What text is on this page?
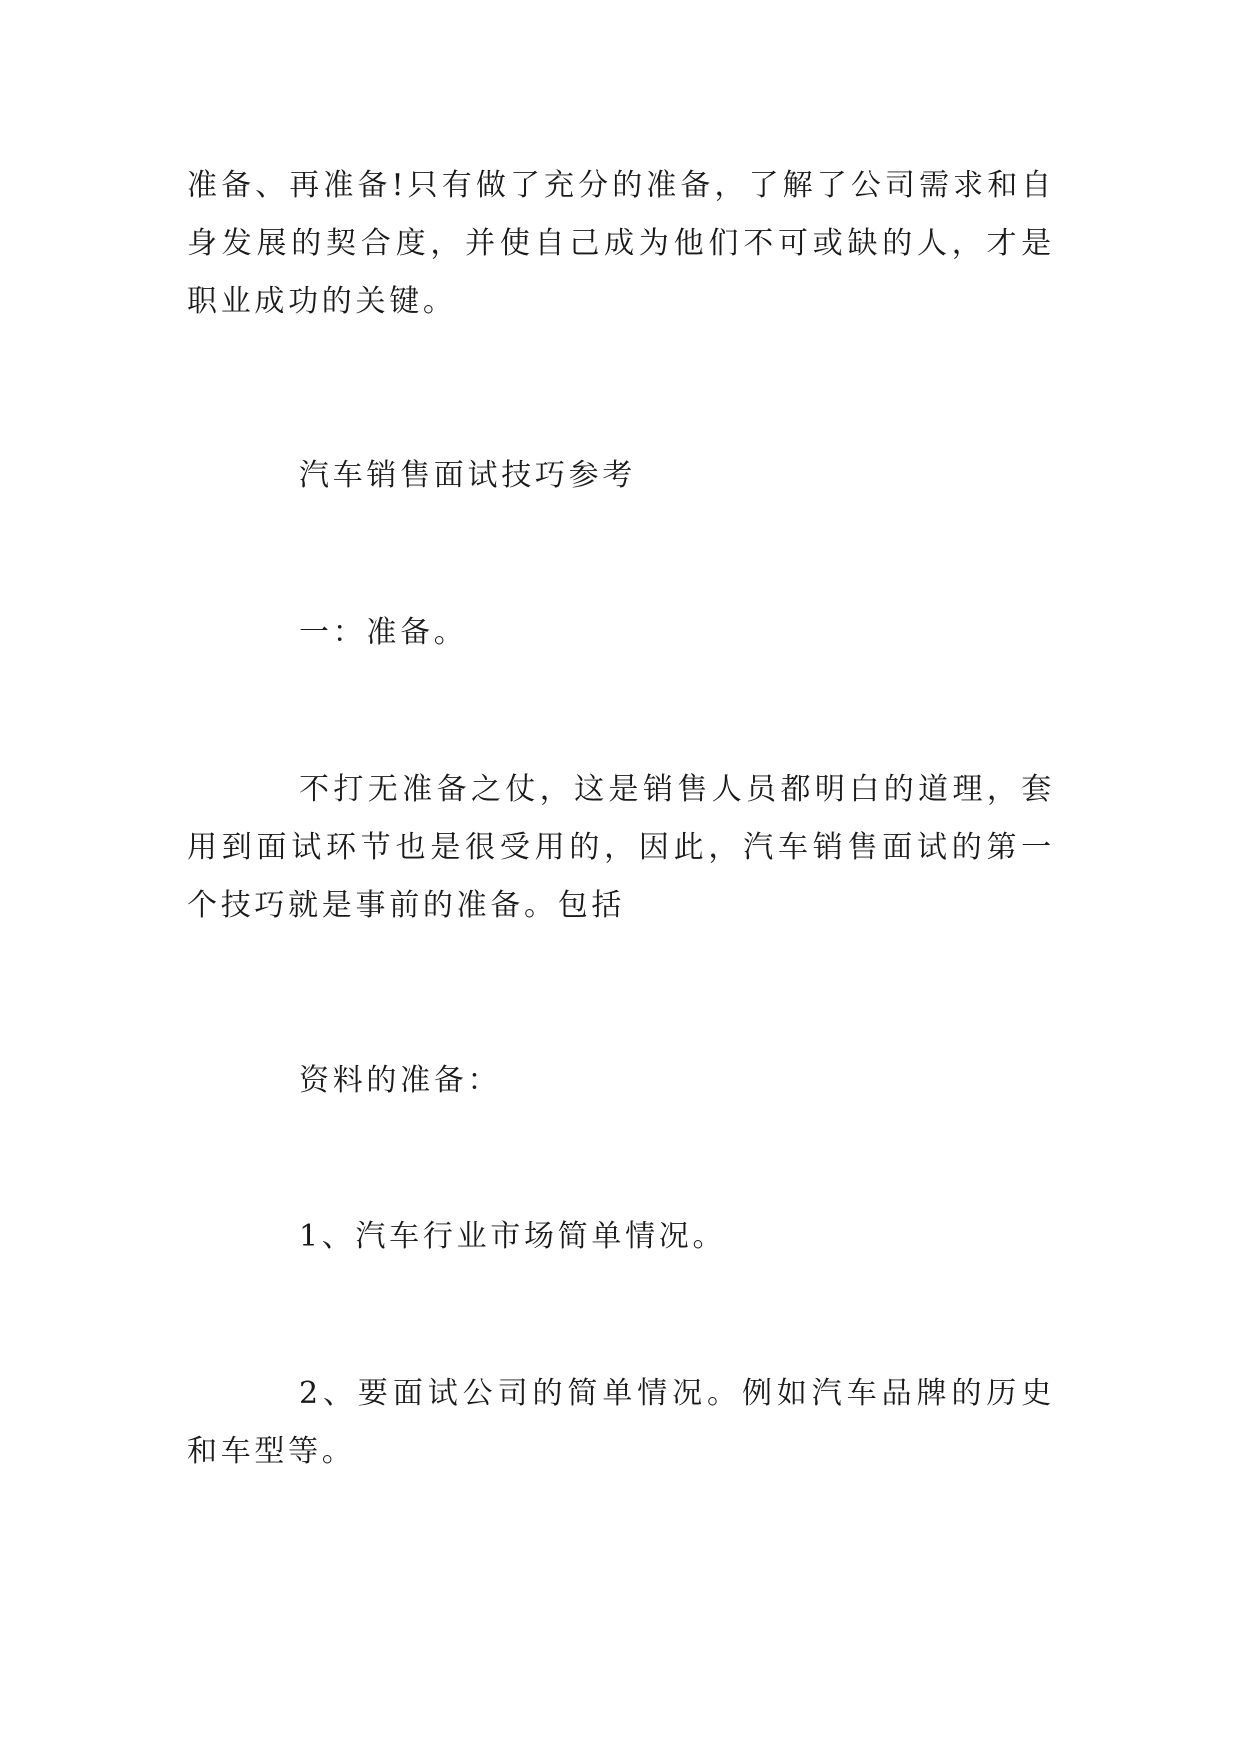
准备、再准备!只有做了充分的准备，了解了公司需求和自身发展的契合度，并使自己成为他们不可或缺的人，才是职业成功的关键。

汽车销售面试技巧参考

一：准备。

不打无准备之仗，这是销售人员都明白的道理，套用到面试环节也是很受用的，因此，汽车销售面试的第一个技巧就是事前的准备。包括

资料的准备：

1、汽车行业市场简单情况。

2、要面试公司的简单情况。例如汽车品牌的历史和车型等。
